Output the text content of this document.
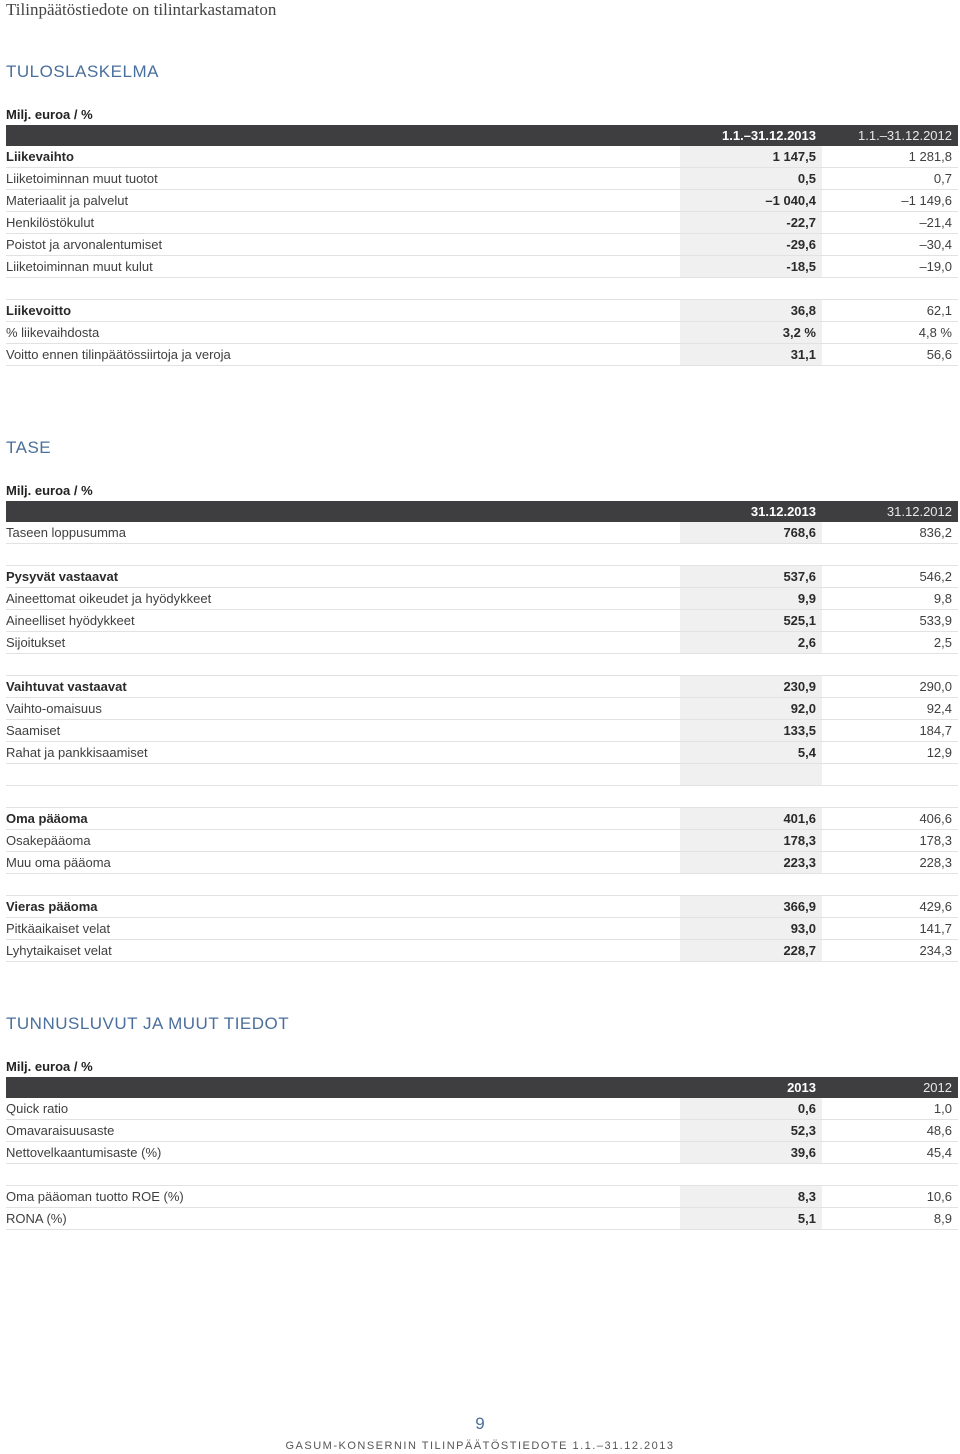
Tilinpäätöstiedote on tilintarkastamaton
TULOSLASKELMA
Milj. euroa / %
	1.1.–31.12.2013	1.1.–31.12.2012
Liikevaihto	1 147,5	1 281,8
Liiketoiminnan muut tuotot	0,5	0,7
Materiaalit ja palvelut	–1 040,4	–1 149,6
Henkilöstökulut	-22,7	–21,4
Poistot ja arvonalentumiset	-29,6	–30,4
Liiketoiminnan muut kulut	-18,5	–19,0

Liikevoitto	36,8	62,1
% liikevaihdosta	3,2 %	4,8 %
Voitto ennen tilinpäätössiirtoja ja veroja	31,1	56,6
TASE
Milj. euroa / %
	31.12.2013	31.12.2012
Taseen loppusumma	768,6	836,2

Pysyvät vastaavat	537,6	546,2
Aineettomat oikeudet ja hyödykkeet	9,9	9,8
Aineelliset hyödykkeet	525,1	533,9
Sijoitukset	2,6	2,5

Vaihtuvat vastaavat	230,9	290,0
Vaihto-omaisuus	92,0	92,4
Saamiset	133,5	184,7
Rahat ja pankkisaamiset	5,4	12,9

Oma pääoma	401,6	406,6
Osakepääoma	178,3	178,3
Muu oma pääoma	223,3	228,3

Vieras pääoma	366,9	429,6
Pitkäaikaiset velat	93,0	141,7
Lyhytaikaiset velat	228,7	234,3
TUNNUSLUVUT JA MUUT TIEDOT
Milj. euroa / %
	2013	2012
Quick ratio	0,6	1,0
Omavaraisuusaste	52,3	48,6
Nettovelkaantumisaste (%)	39,6	45,4

Oma pääoman tuotto ROE (%)	8,3	10,6
RONA (%)	5,1	8,9
9
GASUM-KONSERNIN TILINPÄÄTÖSTIEDOTE 1.1.–31.12.2013
